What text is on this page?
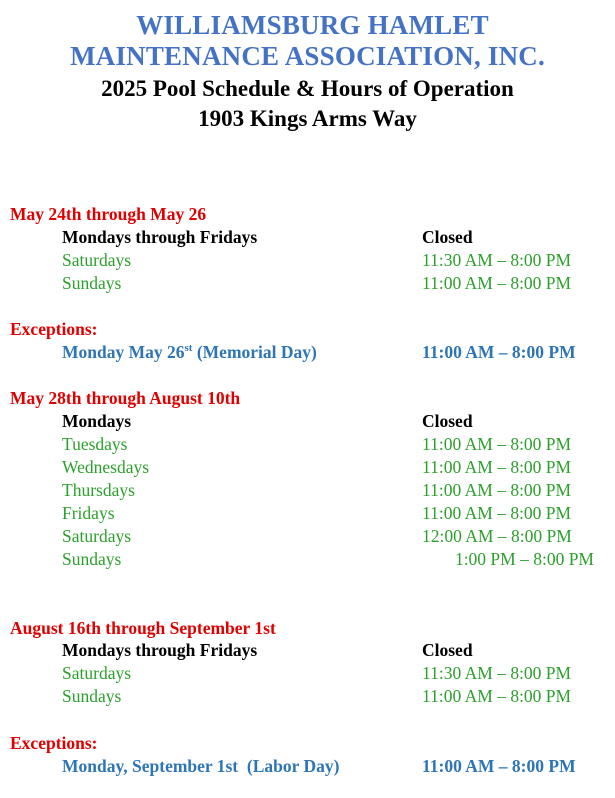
WILLIAMSBURG HAMLET
MAINTENANCE ASSOCIATION, INC.
2025 Pool Schedule & Hours of Operation
1903 Kings Arms Way
May 24th through May 26
Mondays through Fridays	Closed
Saturdays	11:30 AM – 8:00 PM
Sundays	11:00 AM – 8:00 PM
Exceptions:
Monday May 26st (Memorial Day)	11:00 AM – 8:00 PM
May 28th through August 10th
Mondays	Closed
Tuesdays	11:00 AM – 8:00 PM
Wednesdays	11:00 AM – 8:00 PM
Thursdays	11:00 AM – 8:00 PM
Fridays	11:00 AM – 8:00 PM
Saturdays	12:00 AM – 8:00 PM
Sundays	1:00 PM – 8:00 PM
August 16th through September 1st
Mondays through Fridays	Closed
Saturdays	11:30 AM – 8:00 PM
Sundays	11:00 AM – 8:00 PM
Exceptions:
Monday, September 1st  (Labor Day)	11:00 AM – 8:00 PM
